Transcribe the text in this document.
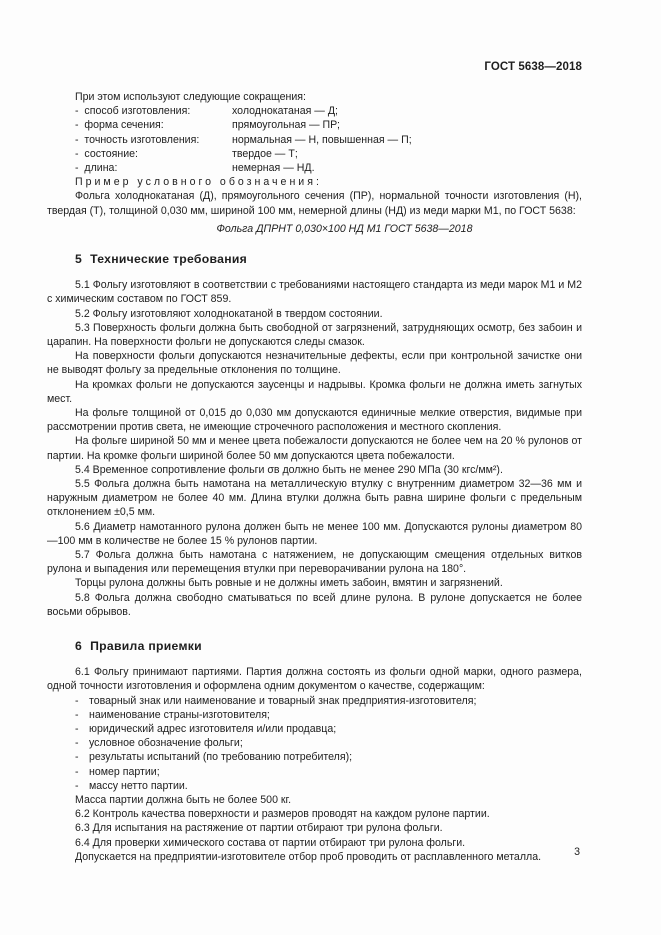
ГОСТ 5638—2018

При этом используют следующие сокращения:

-  способ изготовления:	холоднокатаная — Д;
-  форма сечения:	прямоугольная — ПР;
-  точность изготовления:	нормальная — Н, повышенная — П;
-  состояние:	твердое — Т;
-  длина:	немерная — НД.

Пример условного обозначения:

Фольга холоднокатаная (Д), прямоугольного сечения (ПР), нормальной точности изготовления (Н), твердая (Т), толщиной 0,030 мм, шириной 100 мм, немерной длины (НД) из меди марки М1, по ГОСТ 5638:

Фольга ДПРНТ 0,030×100 НД М1 ГОСТ 5638—2018

5 Технические требования

5.1 Фольгу изготовляют в соответствии с требованиями настоящего стандарта из меди марок М1 и М2 с химическим составом по ГОСТ 859.

5.2 Фольгу изготовляют холоднокатаной в твердом состоянии.

5.3 Поверхность фольги должна быть свободной от загрязнений, затрудняющих осмотр, без забоин и царапин. На поверхности фольги не допускаются следы смазок.

На поверхности фольги допускаются незначительные дефекты, если при контрольной зачистке они не выводят фольгу за предельные отклонения по толщине.

На кромках фольги не допускаются заусенцы и надрывы. Кромка фольги не должна иметь загнутых мест.

На фольге толщиной от 0,015 до 0,030 мм допускаются единичные мелкие отверстия, видимые при рассмотрении против света, не имеющие строчечного расположения и местного скопления.

На фольге шириной 50 мм и менее цвета побежалости допускаются не более чем на 20 % рулонов от партии. На кромке фольги шириной более 50 мм допускаются цвета побежалости.

5.4 Временное сопротивление фольги σв должно быть не менее 290 МПа (30 кгс/мм²).

5.5 Фольга должна быть намотана на металлическую втулку с внутренним диаметром 32—36 мм и наружным диаметром не более 40 мм. Длина втулки должна быть равна ширине фольги с предельным отклонением ±0,5 мм.

5.6 Диаметр намотанного рулона должен быть не менее 100 мм. Допускаются рулоны диаметром 80—100 мм в количестве не более 15 % рулонов партии.

5.7 Фольга должна быть намотана с натяжением, не допускающим смещения отдельных витков рулона и выпадения или перемещения втулки при переворачивании рулона на 180°.

Торцы рулона должны быть ровные и не должны иметь забоин, вмятин и загрязнений.

5.8 Фольга должна свободно сматываться по всей длине рулона. В рулоне допускается не более восьми обрывов.

6 Правила приемки

6.1 Фольгу принимают партиями. Партия должна состоять из фольги одной марки, одного размера, одной точности изготовления и оформлена одним документом о качестве, содержащим:

- товарный знак или наименование и товарный знак предприятия-изготовителя;
- наименование страны-изготовителя;
- юридический адрес изготовителя и/или продавца;
- условное обозначение фольги;
- результаты испытаний (по требованию потребителя);
- номер партии;
- массу нетто партии.

Масса партии должна быть не более 500 кг.

6.2 Контроль качества поверхности и размеров проводят на каждом рулоне партии.

6.3 Для испытания на растяжение от партии отбирают три рулона фольги.

6.4 Для проверки химического состава от партии отбирают три рулона фольги.

Допускается на предприятии-изготовителе отбор проб проводить от расплавленного металла.	3
